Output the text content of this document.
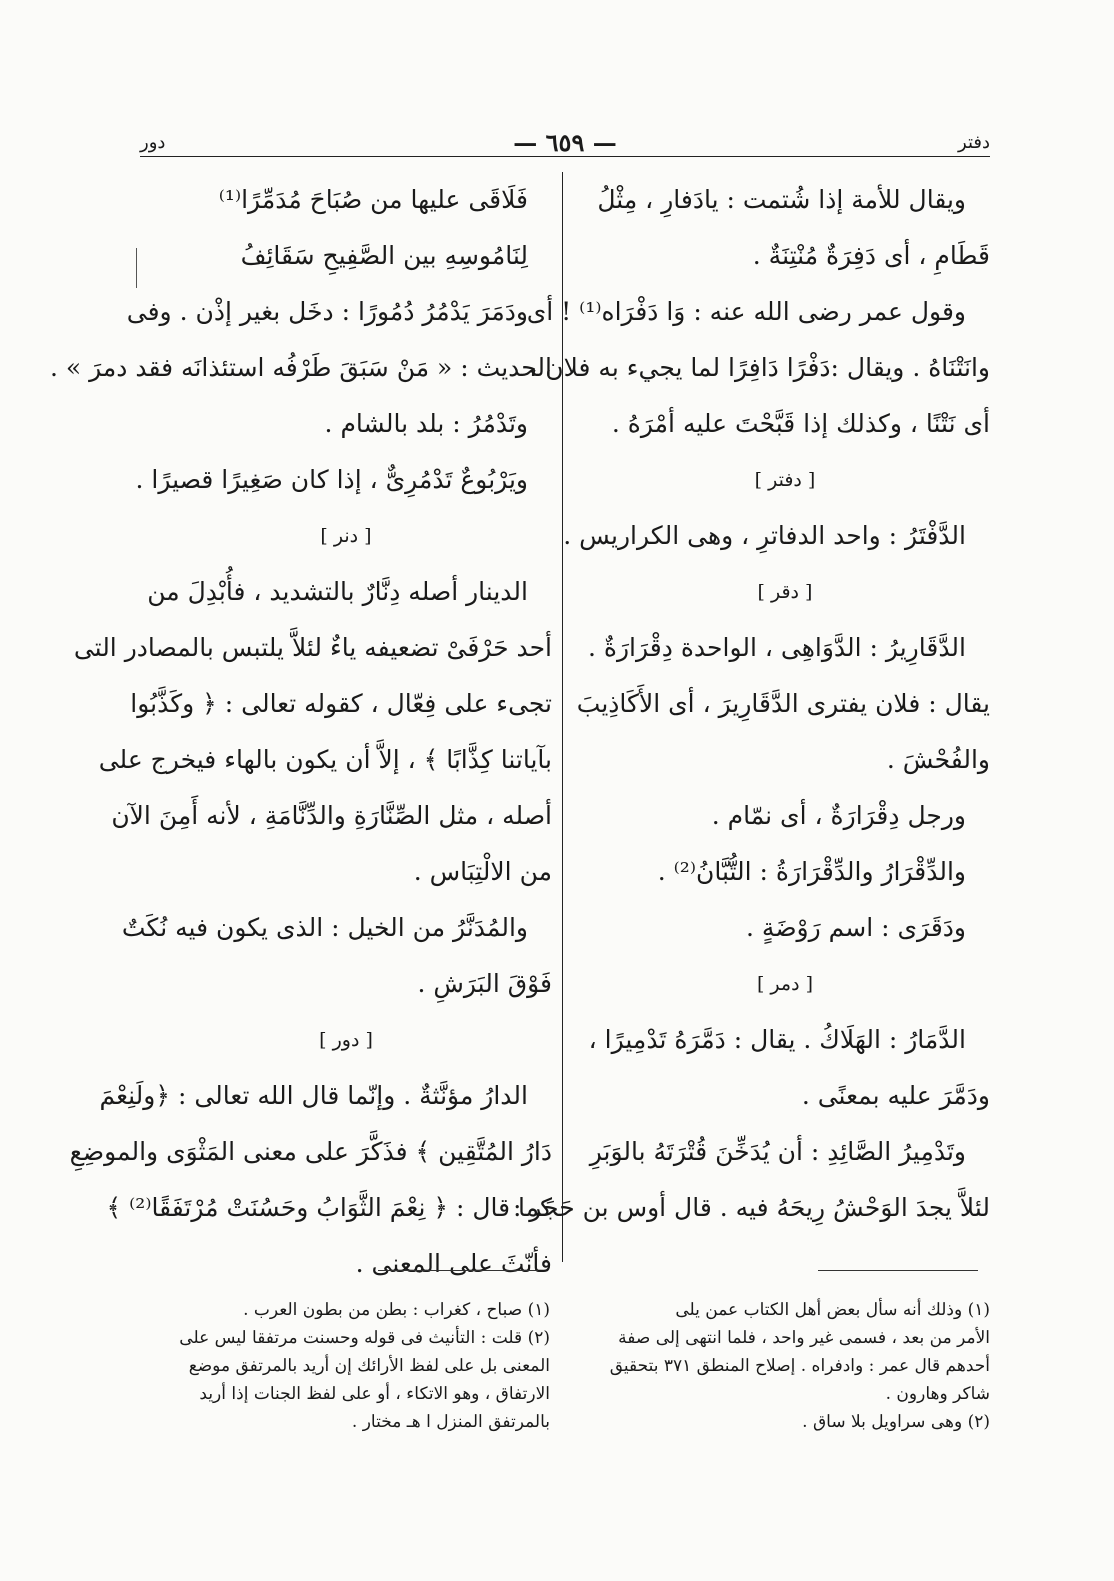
دفتر
— ٦٥٩ —
دور
ويقال للأمة إذا شُتمت : يادَفارِ ، مِثْلُ
قَطَامِ ، أى دَفِرَةٌ مُنْتِنَةٌ .
وقول عمر رضى الله عنه : وَا دَفْرَاه⁽¹⁾ ! أى
وانَتْنَاهُ . ويقال :دَفْرًا دَافِرًا لما يجيء به فلان ،
أى نَتْنًا ، وكذلك إذا قَبَّحْتَ عليه أمْرَهُ .
[ دفتر ]
الدَّفْتَرُ : واحد الدفاترِ ، وهى الكراريس .
[ دقر ]
الدَّقَارِيرُ : الدَّوَاهِى ، الواحدة دِقْرَارَةٌ .
يقال : فلان يفترى الدَّقَارِيرَ ، أى الأَكَاذِيبَ
والفُحْشَ .
ورجل دِقْرَارَةٌ ، أى نمّام .
والدِّقْرَارُ والدِّقْرَارَةُ : التُّبَّانُ⁽²⁾ .
ودَقَرَى : اسم رَوْضَةٍ .
[ دمر ]
الدَّمَارُ : الهَلَاكُ . يقال : دَمَّرَهُ تَدْمِيرًا ،
ودَمَّرَ عليه بمعنًى .
وتَدْمِيرُ الصَّائِدِ : أن يُدَخِّنَ قُتْرَتَهُ بالوَبَرِ
لئلاَّ يجدَ الوَحْشُ رِيحَهُ فيه . قال أوس بن حَجَر :
فَلَاقَى عليها من صُبَاحَ مُدَمِّرًا⁽¹⁾
لِنَامُوسِهِ بين الصَّفِيحِ سَقَائِفُ
ودَمَرَ يَدْمُرُ دُمُورًا : دخَل بغير إذْن . وفى
الحديث : « مَنْ سَبَقَ طَرْفُه استئذانَه فقد دمرَ » .
وتَدْمُرُ : بلد بالشام .
ويَرْبُوعٌ تَدْمُرِىٌّ ، إذا كان صَغِيرًا قصيرًا .
[ دنر ]
الدينار أصله دِنَّارٌ بالتشديد ، فأُبْدِلَ من
أحد حَرْفَىْ تضعيفه ياءٌ لئلاَّ يلتبس بالمصادر التى
تجىء على فِعّال ، كقوله تعالى : ﴿ وكَذَّبُوا
بآياتنا كِذَّابًا ﴾ ، إلاَّ أن يكون بالهاء فيخرج على
أصله ، مثل الصِّنَّارَةِ والدِّنَّامَةِ ، لأنه أَمِنَ الآن
من الالْتِبَاس .
والمُدَنَّرُ من الخيل : الذى يكون فيه نُكَتٌ
فَوْقَ البَرَشِ .
[ دور ]
الدارُ مؤنَّثةٌ . وإنّما قال الله تعالى : ﴿ولَنِعْمَ
دَارُ المُتَّقِين ﴾ فذَكَّرَ على معنى المَثْوَى والموضِعِ
كما قال : ﴿ نِعْمَ الثَّوَابُ وحَسُنَتْ مُرْتَفَقًا⁽²⁾ ﴾
فأنّثَ على المعنى .
(١) وذلك أنه سأل بعض أهل الكتاب عمن يلى
الأمر من بعد ، فسمى غير واحد ، فلما انتهى إلى صفة
أحدهم قال عمر : وادفراه . إصلاح المنطق ٣٧١ بتحقيق
شاكر وهارون .
(٢) وهى سراويل بلا ساق .
(١) صباح ، كغراب : بطن من بطون العرب .
(٢) قلت : التأنيث فى قوله وحسنت مرتفقا ليس على
المعنى بل على لفظ الأرائك إن أريد بالمرتفق موضع
الارتفاق ، وهو الاتكاء ، أو على لفظ الجنات إذا أريد
بالمرتفق المنزل ا هـ مختار .
